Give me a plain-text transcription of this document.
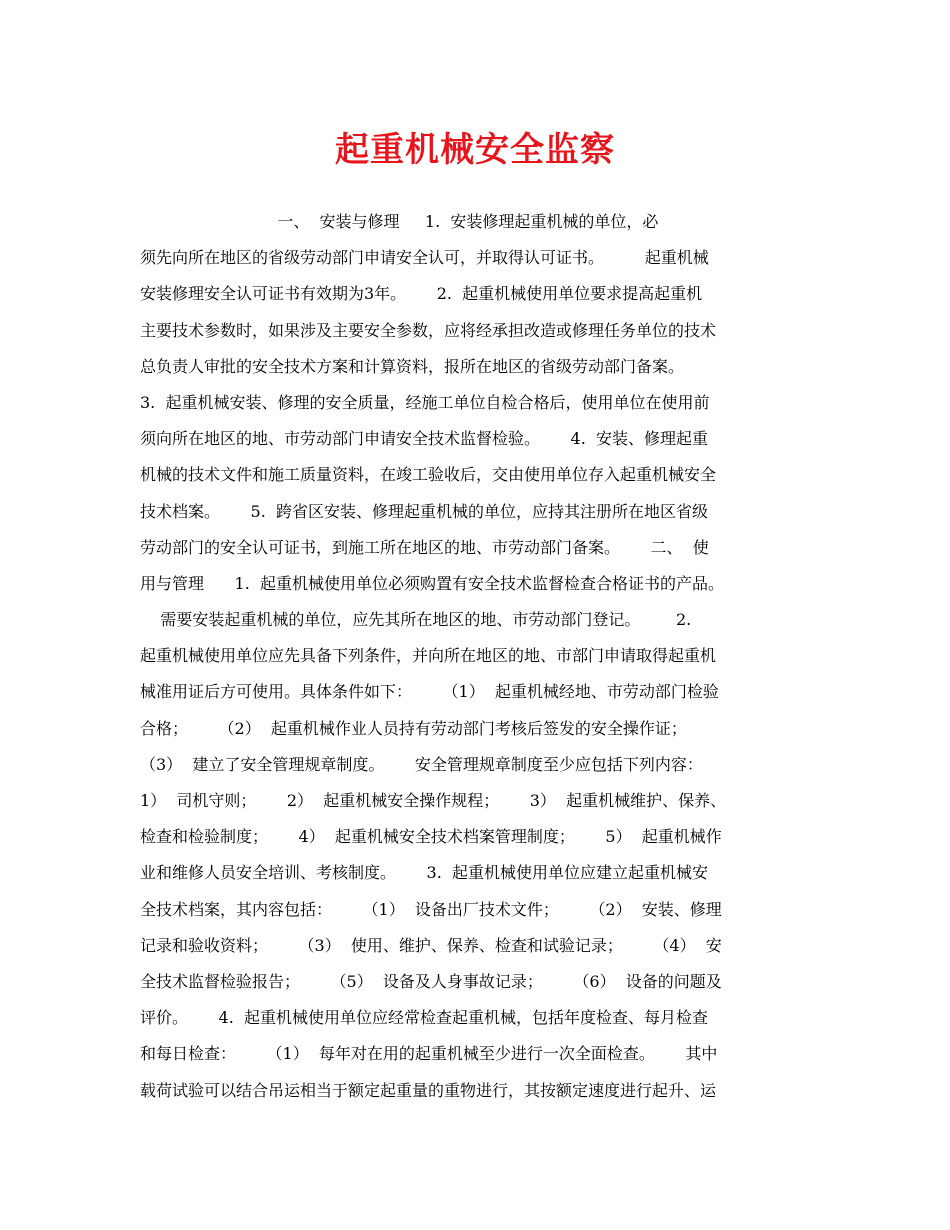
起重机械安全监察
一、  安装与修理     1.  安装修理起重机械的单位，必
须先向所在地区的省级劳动部门申请安全认可，并取得认可证书。        起重机械
安装修理安全认可证书有效期为3年。      2.  起重机械使用单位要求提高起重机
主要技术参数时，如果涉及主要安全参数，应将经承担改造或修理任务单位的技术
总负责人审批的安全技术方案和计算资料，报所在地区的省级劳动部门备案。
3.  起重机械安装、修理的安全质量，经施工单位自检合格后，使用单位在使用前
须向所在地区的地、市劳动部门申请安全技术监督检验。      4.  安装、修理起重
机械的技术文件和施工质量资料，在竣工验收后，交由使用单位存入起重机械安全
技术档案。      5.  跨省区安装、修理起重机械的单位，应持其注册所在地区省级
劳动部门的安全认可证书，到施工所在地区的地、市劳动部门备案。      二、  使
用与管理      1.  起重机械使用单位必须购置有安全技术监督检查合格证书的产品。
需要安装起重机械的单位，应先其所在地区的地、市劳动部门登记。       2.
起重机械使用单位应先具备下列条件，并向所在地区的地、市部门申请取得起重机
械准用证后方可使用。具体条件如下：      （1）  起重机械经地、市劳动部门检验
合格；      （2）  起重机械作业人员持有劳动部门考核后签发的安全操作证；
（3）  建立了安全管理规章制度。      安全管理规章制度至少应包括下列内容：
1）  司机守则；      2）  起重机械安全操作规程；      3）  起重机械维护、保养、
检查和检验制度；      4）  起重机械安全技术档案管理制度；      5）  起重机械作
业和维修人员安全培训、考核制度。      3.  起重机械使用单位应建立起重机械安
全技术档案，其内容包括：      （1）  设备出厂技术文件；      （2）  安装、修理
记录和验收资料；      （3）  使用、维护、保养、检查和试验记录；      （4）  安
全技术监督检验报告；      （5）  设备及人身事故记录；      （6）  设备的问题及
评价。      4.  起重机械使用单位应经常检查起重机械，包括年度检查、每月检查
和每日检查：      （1）  每年对在用的起重机械至少进行一次全面检查。      其中
载荷试验可以结合吊运相当于额定起重量的重物进行，其按额定速度进行起升、运
